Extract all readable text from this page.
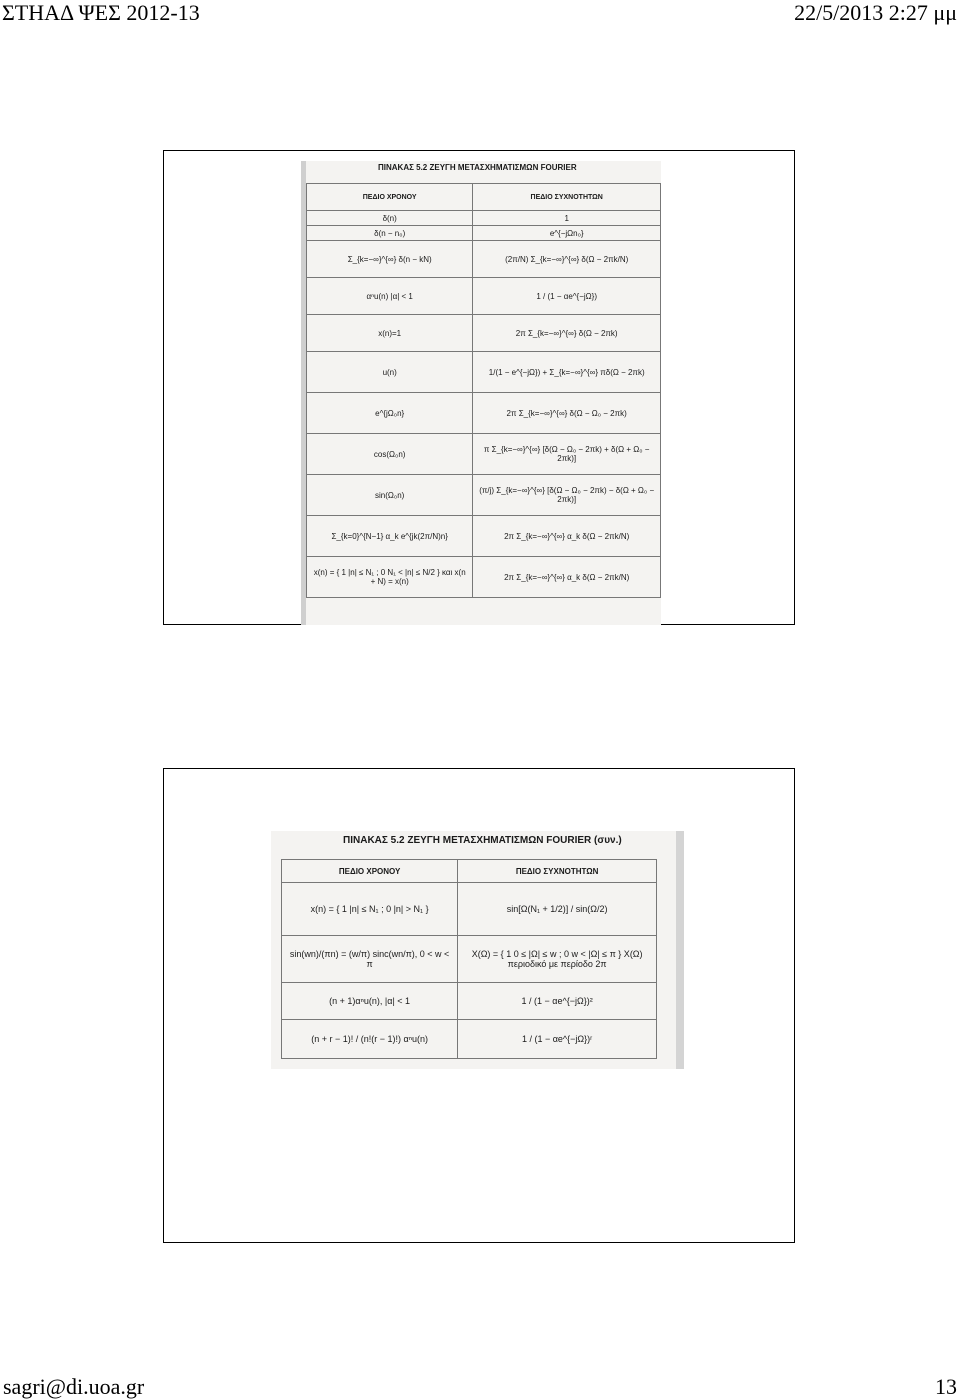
ΣΤΗΑΔ ΨΕΣ 2012-13	22/5/2013 2:27 μμ
ΠΙΝΑΚΑΣ 5.2 ΖΕΥΓΗ ΜΕΤΑΣΧΗΜΑΤΙΣΜΩΝ FOURIER
ΠΕΔΙΟ ΧΡΟΝΟΥ	ΠΕΔΙΟ ΣΥΧΝΟΤΗΤΩΝ
δ(n)	1
δ(n − n₀)	e^{−jΩn₀}
Σ_{k=−∞}^{∞} δ(n − kN)	(2π/N) Σ_{k=−∞}^{∞} δ(Ω − 2πk/N)
αⁿu(n) |α| < 1	1 / (1 − αe^{−jΩ})
x(n)=1	2π Σ_{k=−∞}^{∞} δ(Ω − 2πk)
u(n)	1/(1 − e^{−jΩ}) + Σ_{k=−∞}^{∞} πδ(Ω − 2πk)
e^{jΩ₀n}	2π Σ_{k=−∞}^{∞} δ(Ω − Ω₀ − 2πk)
cos(Ω₀n)	π Σ_{k=−∞}^{∞} [δ(Ω − Ω₀ − 2πk) + δ(Ω + Ω₀ − 2πk)]
sin(Ω₀n)	(π/j) Σ_{k=−∞}^{∞} [δ(Ω − Ω₀ − 2πk) − δ(Ω + Ω₀ − 2πk)]
Σ_{k=0}^{N−1} α_k e^{jk(2π/N)n}	2π Σ_{k=−∞}^{∞} α_k δ(Ω − 2πk/N)
x(n) = { 1 |n| ≤ N₁ ; 0 N₁ < |n| ≤ N/2 } και x(n + N) = x(n)	2π Σ_{k=−∞}^{∞} α_k δ(Ω − 2πk/N)
ΠΙΝΑΚΑΣ 5.2 ΖΕΥΓΗ ΜΕΤΑΣΧΗΜΑΤΙΣΜΩΝ FOURIER (συν.)
ΠΕΔΙΟ ΧΡΟΝΟΥ	ΠΕΔΙΟ ΣΥΧΝΟΤΗΤΩΝ
x(n) = { 1 |n| ≤ N₁ ; 0 |n| > N₁ }	sin[Ω(N₁ + 1/2)] / sin(Ω/2)
sin(wn)/(πn) = (w/π) sinc(wn/π), 0 < w < π	X(Ω) = { 1 0 ≤ |Ω| ≤ w ; 0 w < |Ω| ≤ π } X(Ω) περιοδικό με περίοδο 2π
(n + 1)αⁿu(n), |α| < 1	1 / (1 − αe^{−jΩ})²
(n + r − 1)! / (n!(r − 1)!) αⁿu(n)	1 / (1 − αe^{−jΩ})ʳ
sagri@di.uoa.gr	13
